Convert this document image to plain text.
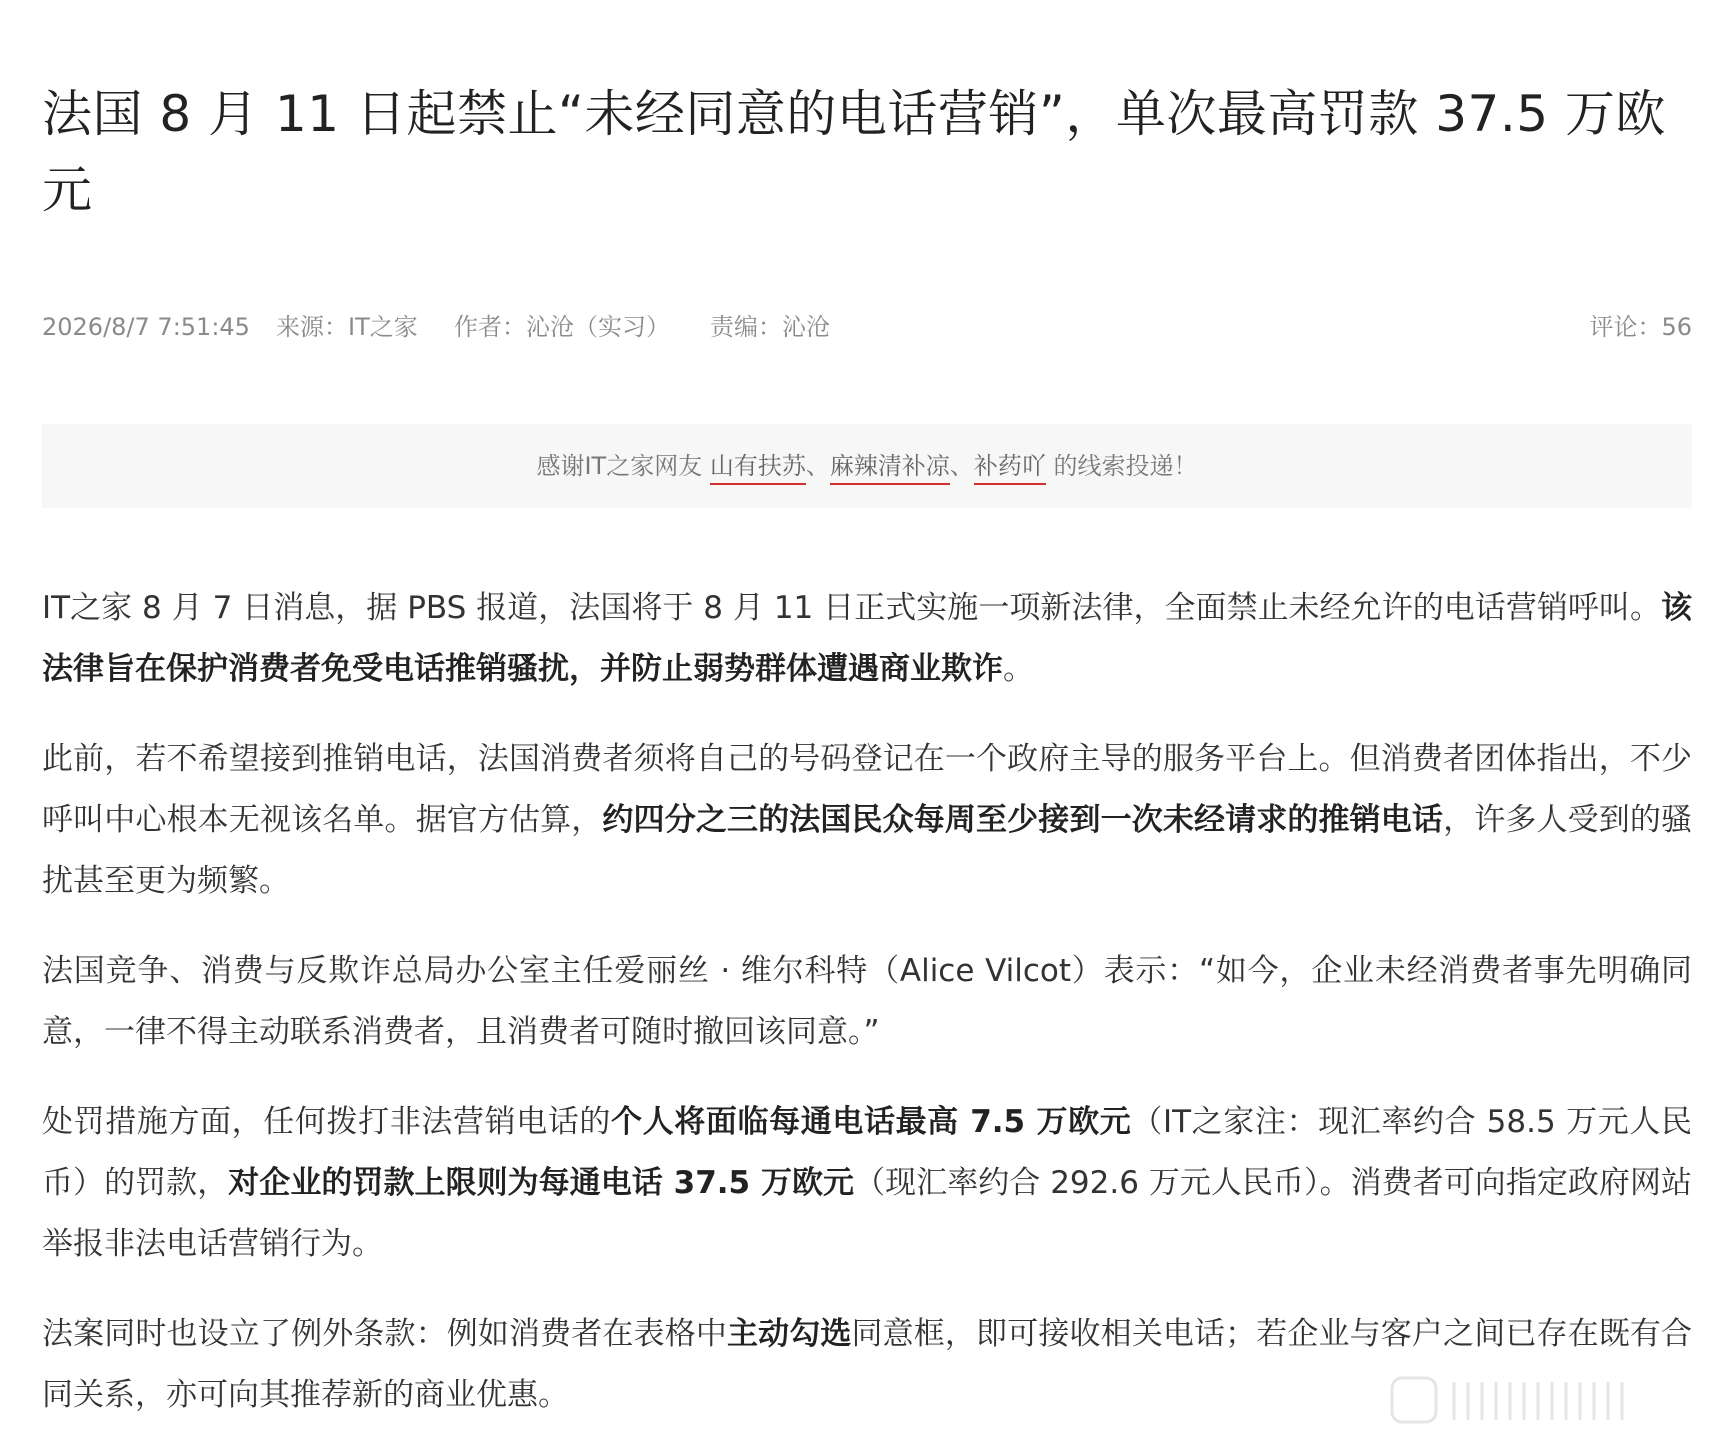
法国 8 月 11 日起禁止“未经同意的电话营销”，单次最高罚款 37.5 万欧元
2026/8/7 7:51:45 来源：IT之家 作者：沁沧（实习） 责编：沁沧	评论：56
感谢IT之家网友 山有扶苏、麻辣清补凉、补药吖 的线索投递！

IT之家 8 月 7 日消息，据 PBS 报道，法国将于 8 月 11 日正式实施一项新法律，全面禁止未经允许的电话营销呼叫。该法律旨在保护消费者免受电话推销骚扰，并防止弱势群体遭遇商业欺诈。

此前，若不希望接到推销电话，法国消费者须将自己的号码登记在一个政府主导的服务平台上。但消费者团体指出，不少呼叫中心根本无视该名单。据官方估算，约四分之三的法国民众每周至少接到一次未经请求的推销电话，许多人受到的骚扰甚至更为频繁。

法国竞争、消费与反欺诈总局办公室主任爱丽丝 · 维尔科特（Alice Vilcot）表示：“如今，企业未经消费者事先明确同意，一律不得主动联系消费者，且消费者可随时撤回该同意。”

处罚措施方面，任何拨打非法营销电话的个人将面临每通电话最高 7.5 万欧元（IT之家注：现汇率约合 58.5 万元人民币）的罚款，对企业的罚款上限则为每通电话 37.5 万欧元（现汇率约合 292.6 万元人民币）。消费者可向指定政府网站举报非法电话营销行为。

法案同时也设立了例外条款：例如消费者在表格中主动勾选同意框，即可接收相关电话；若企业与客户之间已存在既有合同关系，亦可向其推荐新的商业优惠。
